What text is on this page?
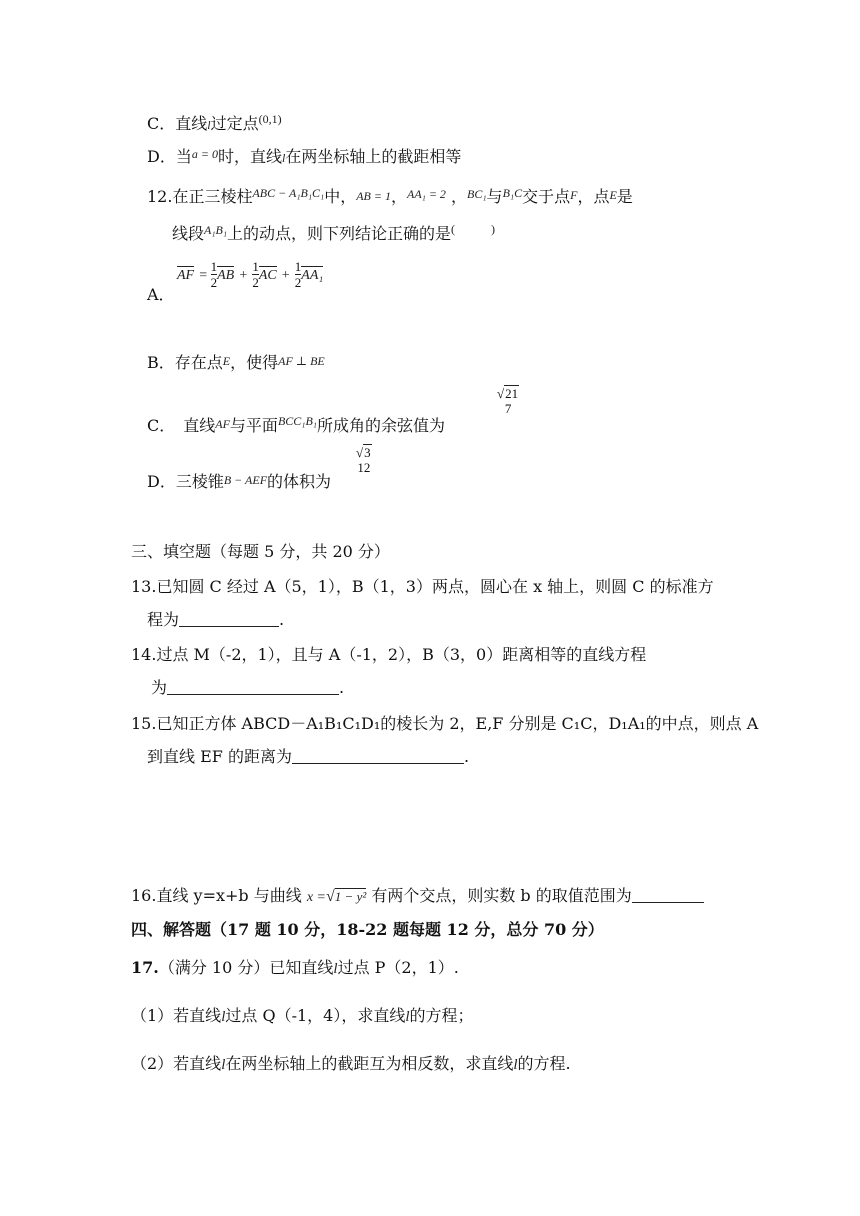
C．直线l过定点$^{(0,1)}$
D．当$^{a = 0}$时，直线l在两坐标轴上的截距相等
12.在正三棱柱$^{ABC - A_1B_1C_1}$中，AB = 1，$^{AA_1 = 2}$ ，$^{BC_1}$与$^{B_1C}$交于点F，点E是
线段$^{A_1B_1}$上的动点，则下列结论正确的是(　　　)
A．
AF = $\frac{1}{2}$ AB + $\frac{1}{2}$ AC + $\frac{1}{2} AA_1$
B．存在点E，使得AF ⊥ BE
C．　直线AF与平面$^{BCC_1B_1}$所成角的余弦值为
√21
7
D．三棱锥B − AEF的体积为
√3
12
三、填空题（每题 5 分，共 20 分）
13.已知圆 C 经过 A（5，1），B（1，3）两点，圆心在 x 轴上，则圆 C 的标准方
程为	.
14.过点 M（-2，1），且与 A（-1，2），B（3，0）距离相等的直线方程
为	.
15.已知正方体 ABCD－A₁B₁C₁D₁的棱长为 2，E,F 分别是 C₁C，D₁A₁的中点，则点 A
到直线 EF 的距离为	.
16.直线 y=x+b 与曲线 x =√1 − y² 有两个交点，则实数 b 的取值范围为
四、解答题（17 题 10 分，18-22 题每题 12 分，总分 70 分）
17.（满分 10 分）已知直线l过点 P（2，1）.
（1）若直线l过点 Q（-1，4），求直线l的方程；
（2）若直线l在两坐标轴上的截距互为相反数，求直线l的方程.
